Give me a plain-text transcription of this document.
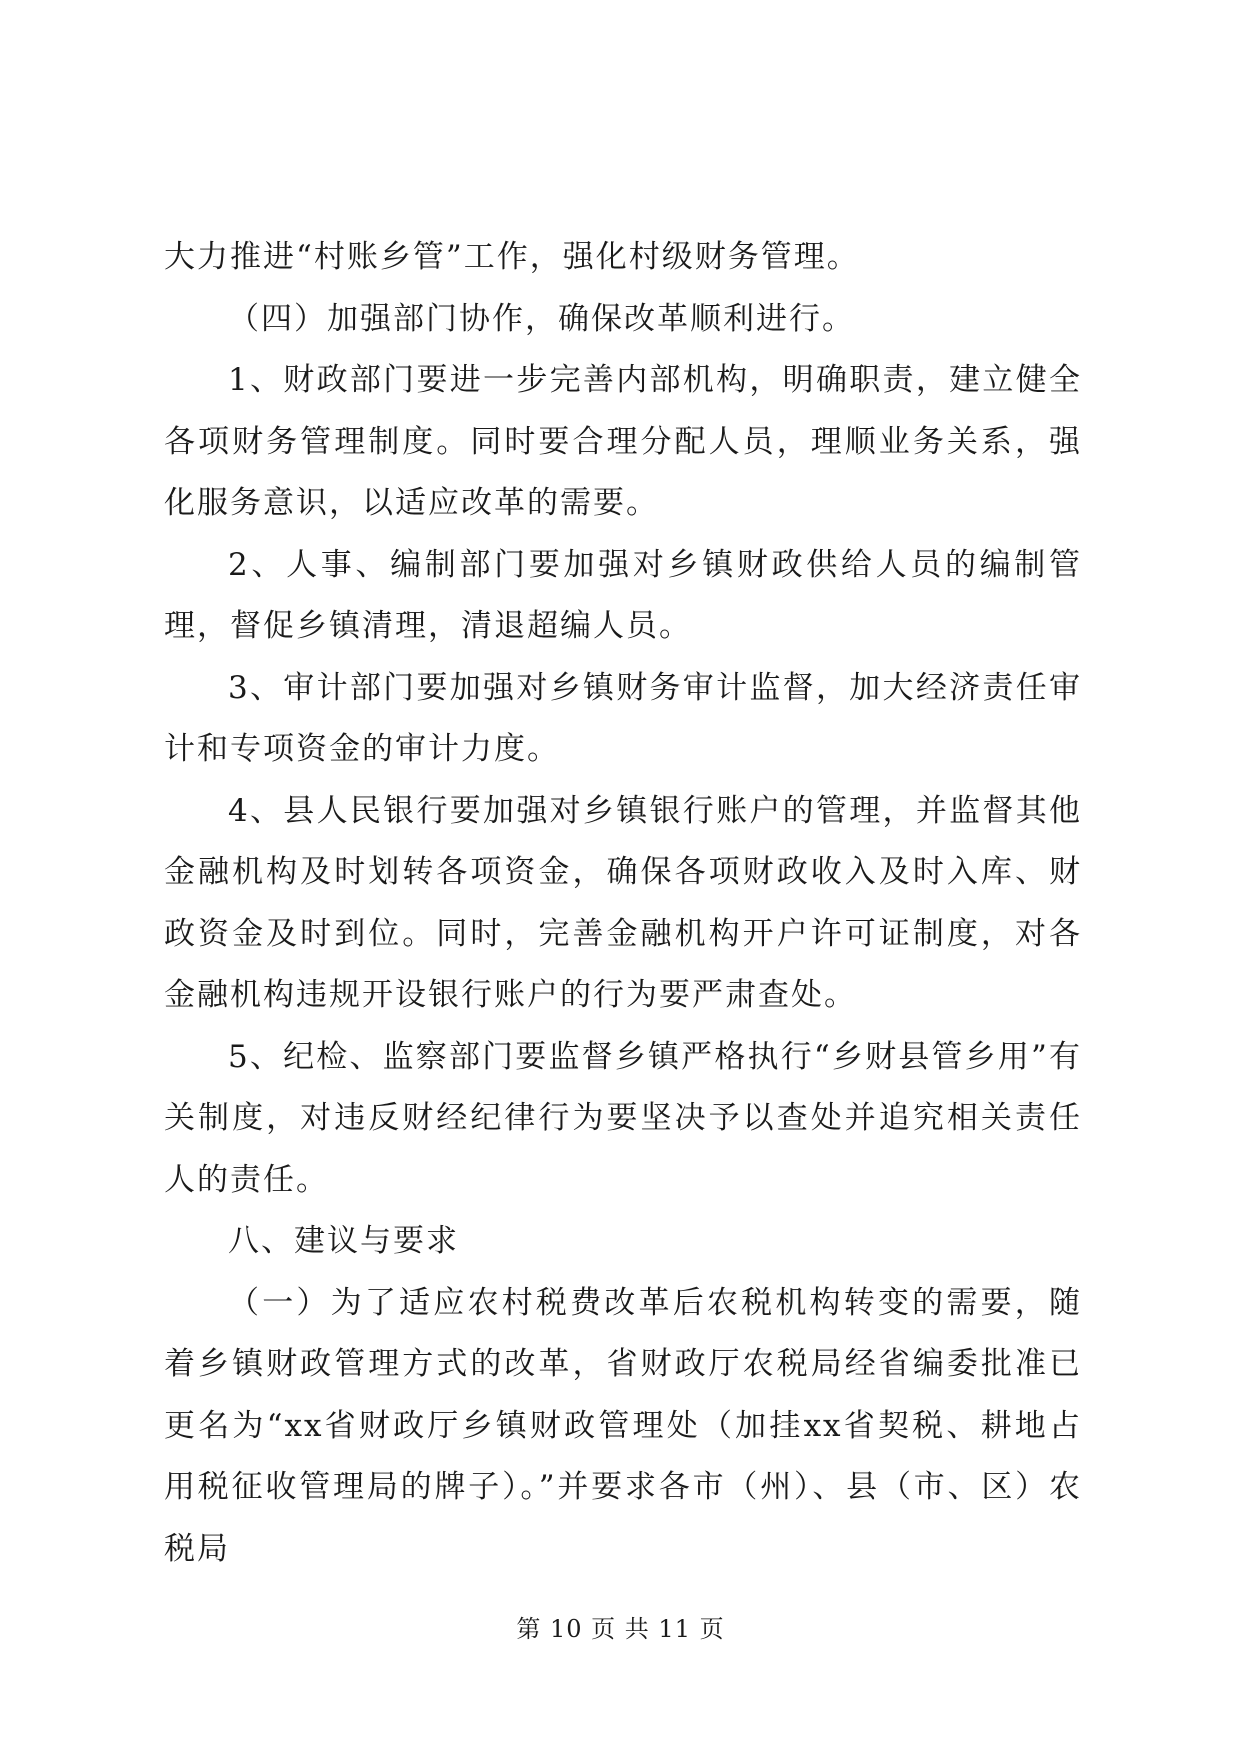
大力推进“村账乡管”工作，强化村级财务管理。

（四）加强部门协作，确保改革顺利进行。

1、财政部门要进一步完善内部机构，明确职责，建立健全各项财务管理制度。同时要合理分配人员，理顺业务关系，强化服务意识，以适应改革的需要。

2、人事、编制部门要加强对乡镇财政供给人员的编制管理，督促乡镇清理，清退超编人员。

3、审计部门要加强对乡镇财务审计监督，加大经济责任审计和专项资金的审计力度。

4、县人民银行要加强对乡镇银行账户的管理，并监督其他金融机构及时划转各项资金，确保各项财政收入及时入库、财政资金及时到位。同时，完善金融机构开户许可证制度，对各金融机构违规开设银行账户的行为要严肃查处。

5、纪检、监察部门要监督乡镇严格执行“乡财县管乡用”有关制度，对违反财经纪律行为要坚决予以查处并追究相关责任人的责任。

八、建议与要求

（一）为了适应农村税费改革后农税机构转变的需要，随着乡镇财政管理方式的改革，省财政厅农税局经省编委批准已更名为“xx省财政厅乡镇财政管理处（加挂xx省契税、耕地占用税征收管理局的牌子）。”并要求各市（州）、县（市、区）农税局

第 10 页 共 11 页
